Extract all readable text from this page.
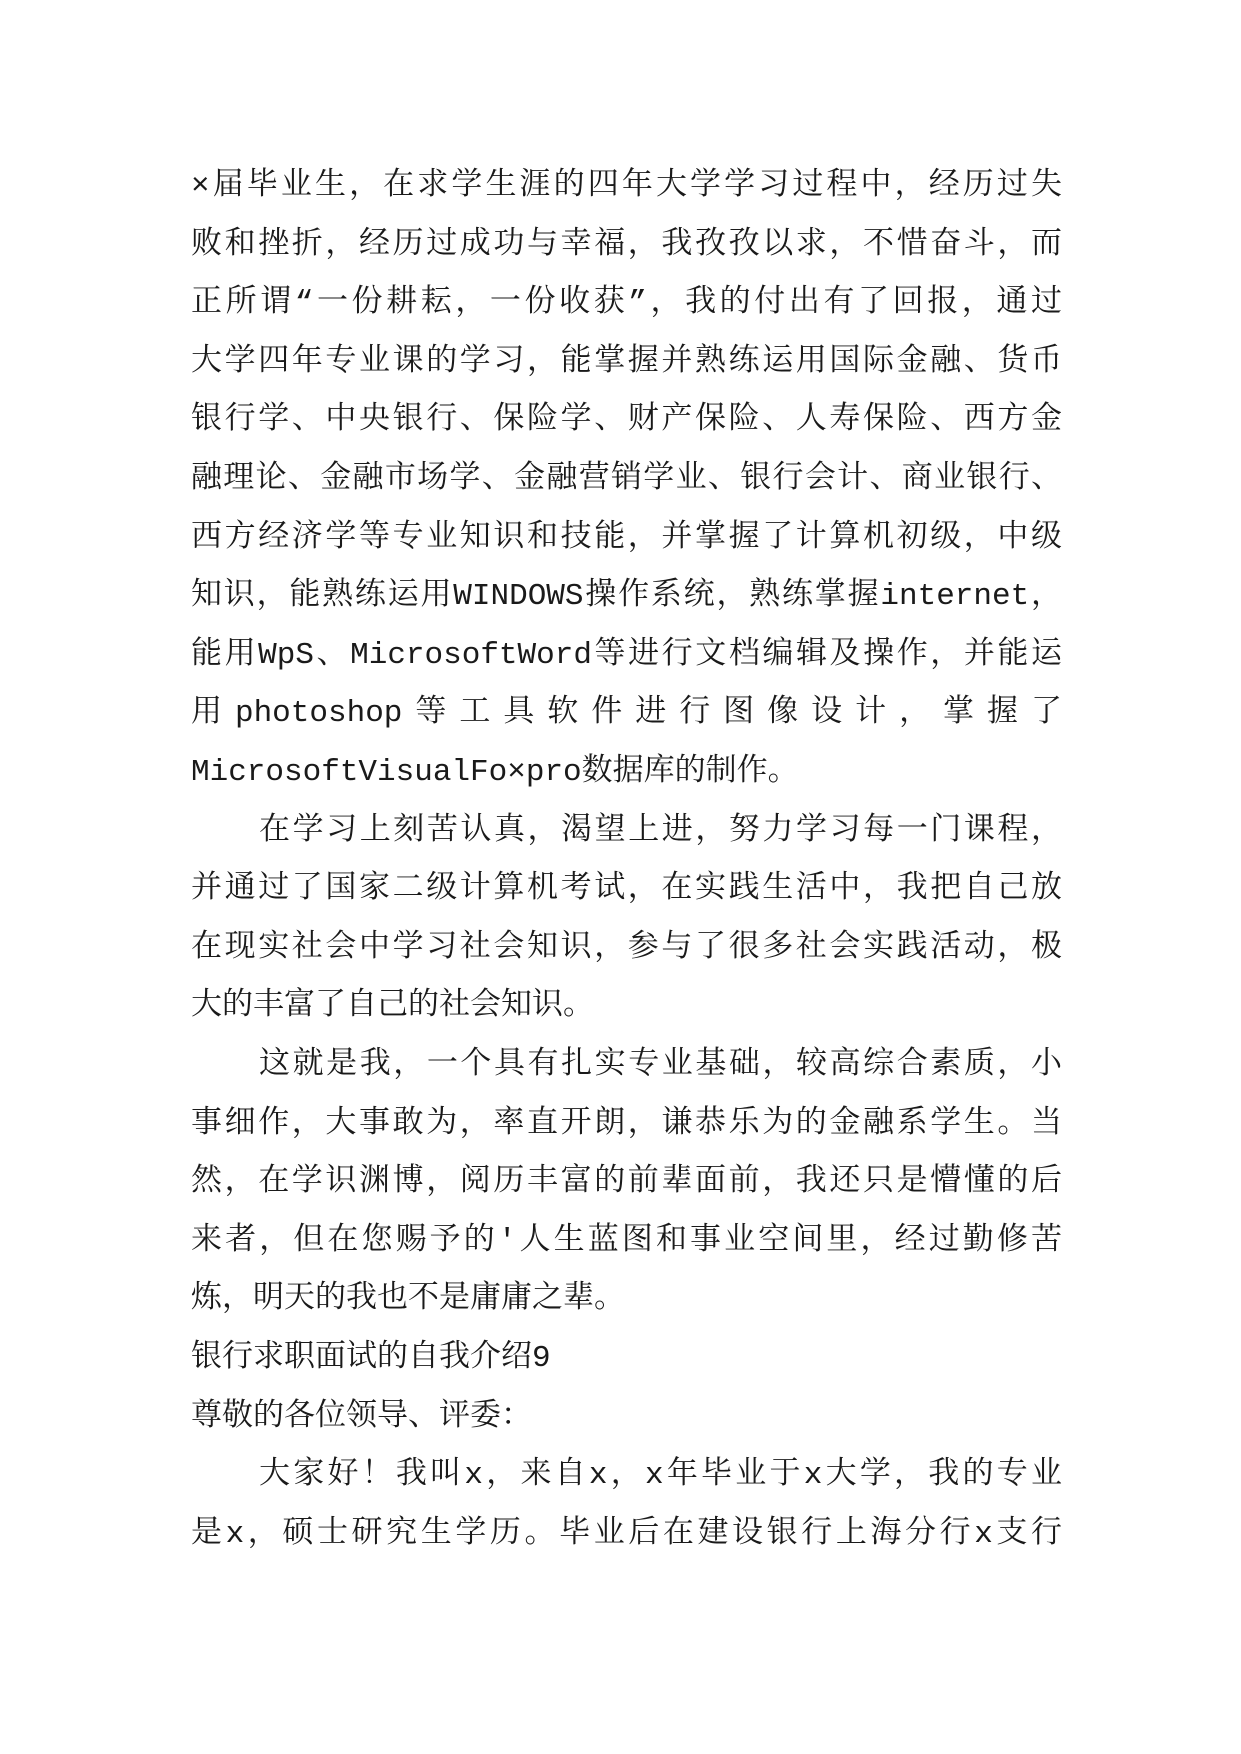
×届毕业生，在求学生涯的四年大学学习过程中，经历过失
败和挫折，经历过成功与幸福，我孜孜以求，不惜奋斗，而
正所谓“一份耕耘，一份收获”，我的付出有了回报，通过
大学四年专业课的学习，能掌握并熟练运用国际金融、货币
银行学、中央银行、保险学、财产保险、人寿保险、西方金
融理论、金融市场学、金融营销学业、银行会计、商业银行、
西方经济学等专业知识和技能，并掌握了计算机初级，中级
知识，能熟练运用WINDOWS操作系统，熟练掌握internet，
能用WpS、MicrosoftWord等进行文档编辑及操作，并能运
用photoshop等工具软件进行图像设计，掌握了
MicrosoftVisualFo×pro数据库的制作。
在学习上刻苦认真，渴望上进，努力学习每一门课程，
并通过了国家二级计算机考试，在实践生活中，我把自己放
在现实社会中学习社会知识，参与了很多社会实践活动，极
大的丰富了自己的社会知识。
这就是我，一个具有扎实专业基础，较高综合素质，小
事细作，大事敢为，率直开朗，谦恭乐为的金融系学生。当
然，在学识渊博，阅历丰富的前辈面前，我还只是懵懂的后
来者，但在您赐予的'人生蓝图和事业空间里，经过勤修苦
炼，明天的我也不是庸庸之辈。
银行求职面试的自我介绍9
尊敬的各位领导、评委：
大家好！我叫x，来自x，x年毕业于x大学，我的专业
是x，硕士研究生学历。毕业后在建设银行上海分行x支行
